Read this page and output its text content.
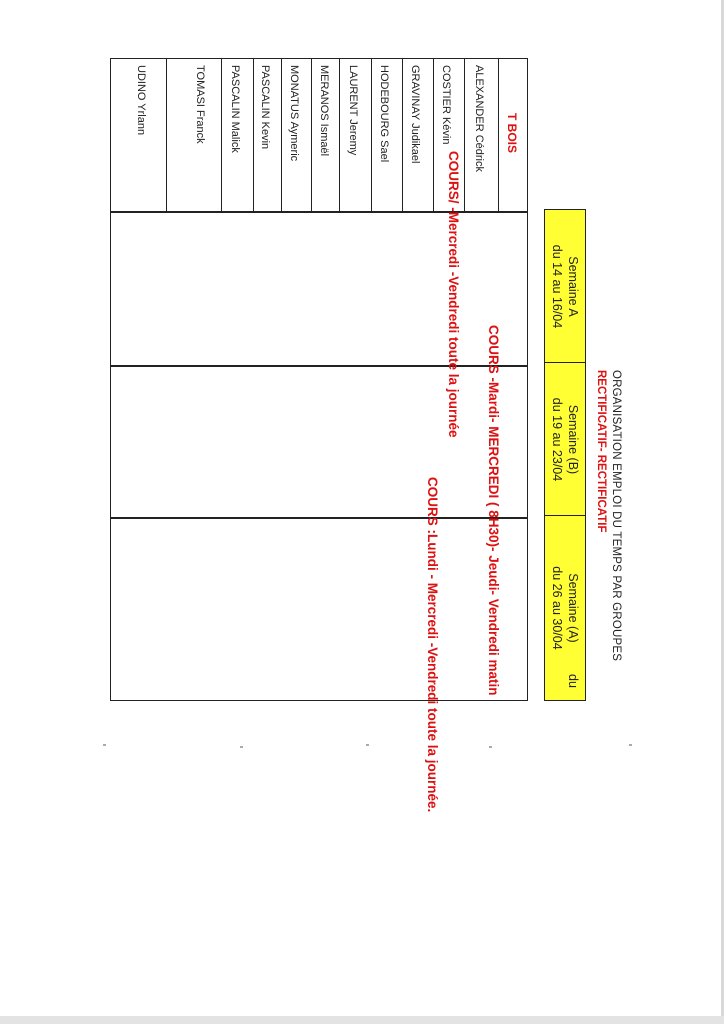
ORGANISATION EMPLOI DU TEMPS PAR GROUPES
RECTIFICATIF- RECTIFICATIF
Semaine A
du 14 au 16/04
Semaine (B)
du 19 au 23/04
Semaine (A)
du 26 au 30/04
du
T BOIS
ALEXANDER Cédrick
COSTIER Kévin
GRAVINAY Judikael
HODEBOURG Sael
LAURENT Jeremy
MERANOS Ismaël
MONATUS Aymeric
PASCALIN Kevin
PASCALIN Malick
TOMASI Franck
UDINO Yrlann
COURS/ -Mercredi -Vendredi toute la journée
COURS -Mardi- MERCREDI ( 8H30)- Jeudi- Vendredi matin
COURS :Lundi - Mercredi -Vendredi toute la journée.
